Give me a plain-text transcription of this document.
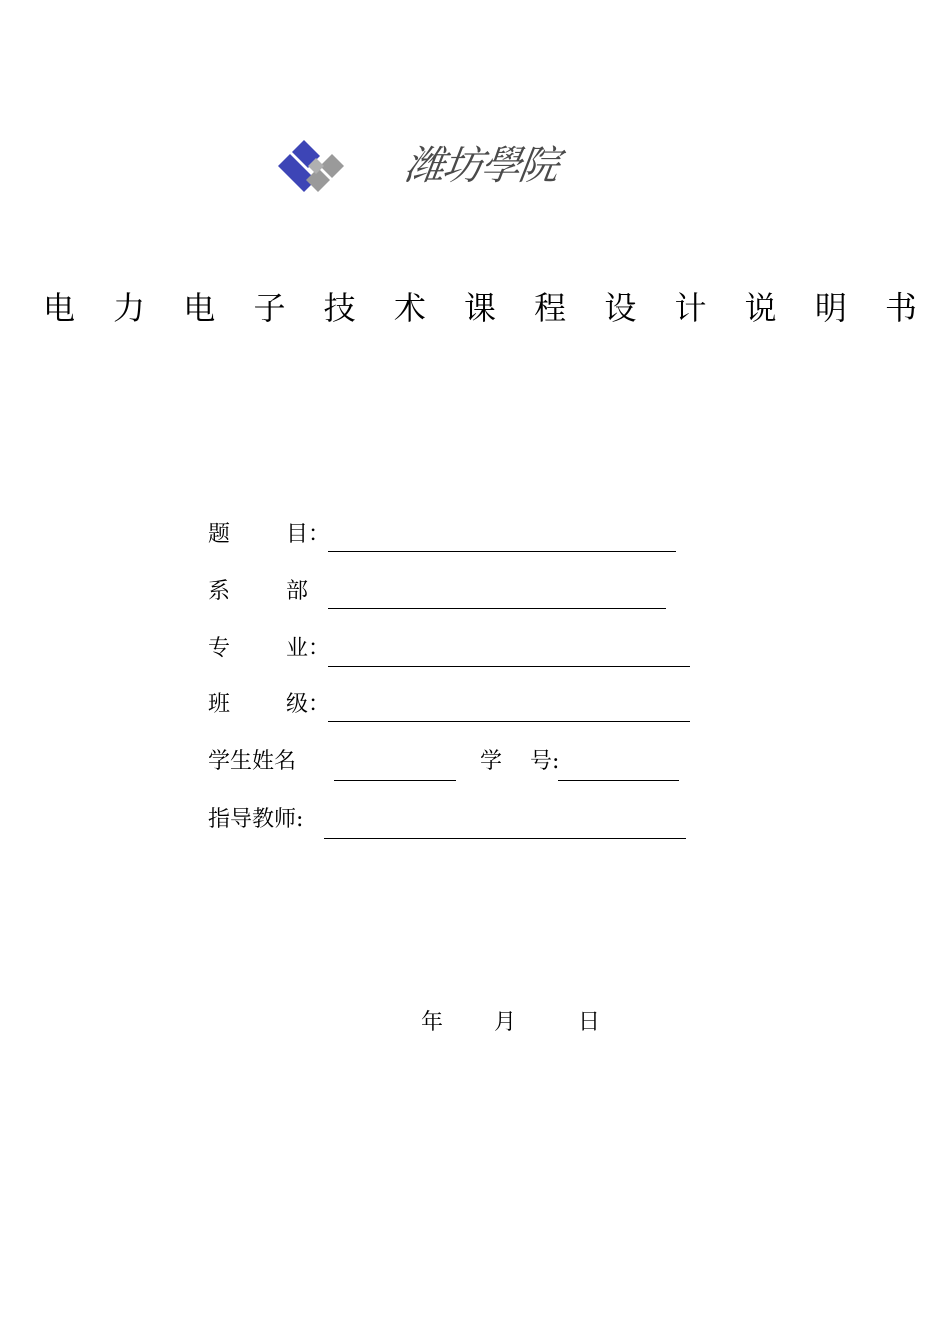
潍坊學院
电 力 电 子 技 术 课 程 设 计 说 明 书
题        目：
系        部
专        业：
班        级：
学生姓名	学    号:
指导教师:
年 月	日
